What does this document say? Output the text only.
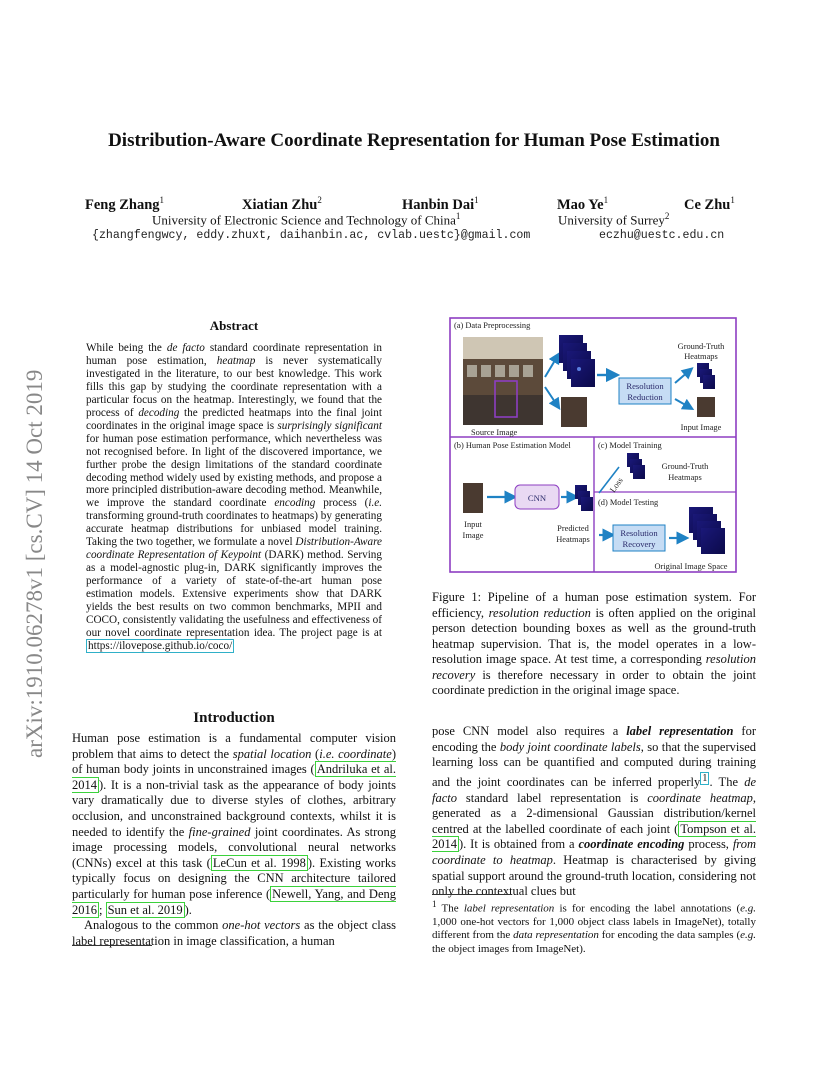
arXiv:1910.06278v1 [cs.CV] 14 Oct 2019
Distribution-Aware Coordinate Representation for Human Pose Estimation
Feng Zhang$^1$	Xiatian Zhu$^2$	Hanbin Dai$^1$	Mao Ye$^1$	Ce Zhu$^1$
University of Electronic Science and Technology of China$^1$	University of Surrey$^2$
{zhangfengwcy, eddy.zhuxt, daihanbin.ac, cvlab.uestc}@gmail.com	eczhu@uestc.edu.cn
Abstract
While being the de facto standard coordinate representation in human pose estimation, heatmap is never systematically investigated in the literature, to our best knowledge. This work fills this gap by studying the coordinate representation with a particular focus on the heatmap. Interestingly, we found that the process of decoding the predicted heatmaps into the final joint coordinates in the original image space is surprisingly significant for human pose estimation performance, which nevertheless was not recognised before. In light of the discovered importance, we further probe the design limitations of the standard coordinate decoding method widely used by existing methods, and propose a more principled distribution-aware decoding method. Meanwhile, we improve the standard coordinate encoding process (i.e. transforming ground-truth coordinates to heatmaps) by generating accurate heatmap distributions for unbiased model training. Taking the two together, we formulate a novel Distribution-Aware coordinate Representation of Keypoint (DARK) method. Serving as a model-agnostic plug-in, DARK significantly improves the performance of a variety of state-of-the-art human pose estimation models. Extensive experiments show that DARK yields the best results on two common benchmarks, MPII and COCO, consistently validating the usefulness and effectiveness of our novel coordinate representation idea. The project page is at https://ilovepose.github.io/coco/
Introduction

Human pose estimation is a fundamental computer vision problem that aims to detect the spatial location (i.e. coordinate) of human body joints in unconstrained images ( Andriluka et al. 2014 ). It is a non-trivial task as the appearance of body joints vary dramatically due to diverse styles of clothes, arbitrary occlusion, and unconstrained background contexts, whilst it is needed to identify the fine-grained joint coordinates. As strong image processing models, convolutional neural networks (CNNs) excel at this task ( LeCun et al. 1998 ). Existing works typically focus on designing the CNN architecture tailored particularly for human pose inference ( Newell, Yang, and Deng 2016 ; Sun et al. 2019 ).

Analogous to the common one-hot vectors as the object class label representation in image classification, a human

(a) Data Preprocessing
(b) Human Pose Estimation Model	(c) Model Training
(d) Model Testing
Source Image
Resolution
Reduction
Ground-Truth
Heatmaps
Input Image
Input
Image
CNN
Predicted
Heatmaps
Loss
Ground-Truth
Heatmaps
Resolution
Recovery
Original Image Space
Figure 1: Pipeline of a human pose estimation system. For efficiency, resolution reduction is often applied on the original person detection bounding boxes as well as the ground-truth heatmap supervision. That is, the model operates in a low-resolution image space. At test time, a corresponding resolution recovery is therefore necessary in order to obtain the joint coordinate prediction in the original image space.
pose CNN model also requires a label representation for encoding the body joint coordinate labels, so that the supervised learning loss can be quantified and computed during training and the joint coordinates can be inferred properly $^1$ . The de facto standard label representation is coordinate heatmap, generated as a 2-dimensional Gaussian distribution/kernel centred at the labelled coordinate of each joint ( Tompson et al. 2014 ). It is obtained from a coordinate encoding process, from coordinate to heatmap. Heatmap is characterised by giving spatial support around the ground-truth location, considering not only the contextual clues but
$^1$ The label representation is for encoding the label annotations (e.g. 1,000 one-hot vectors for 1,000 object class labels in ImageNet), totally different from the data representation for encoding the data samples (e.g. the object images from ImageNet).
